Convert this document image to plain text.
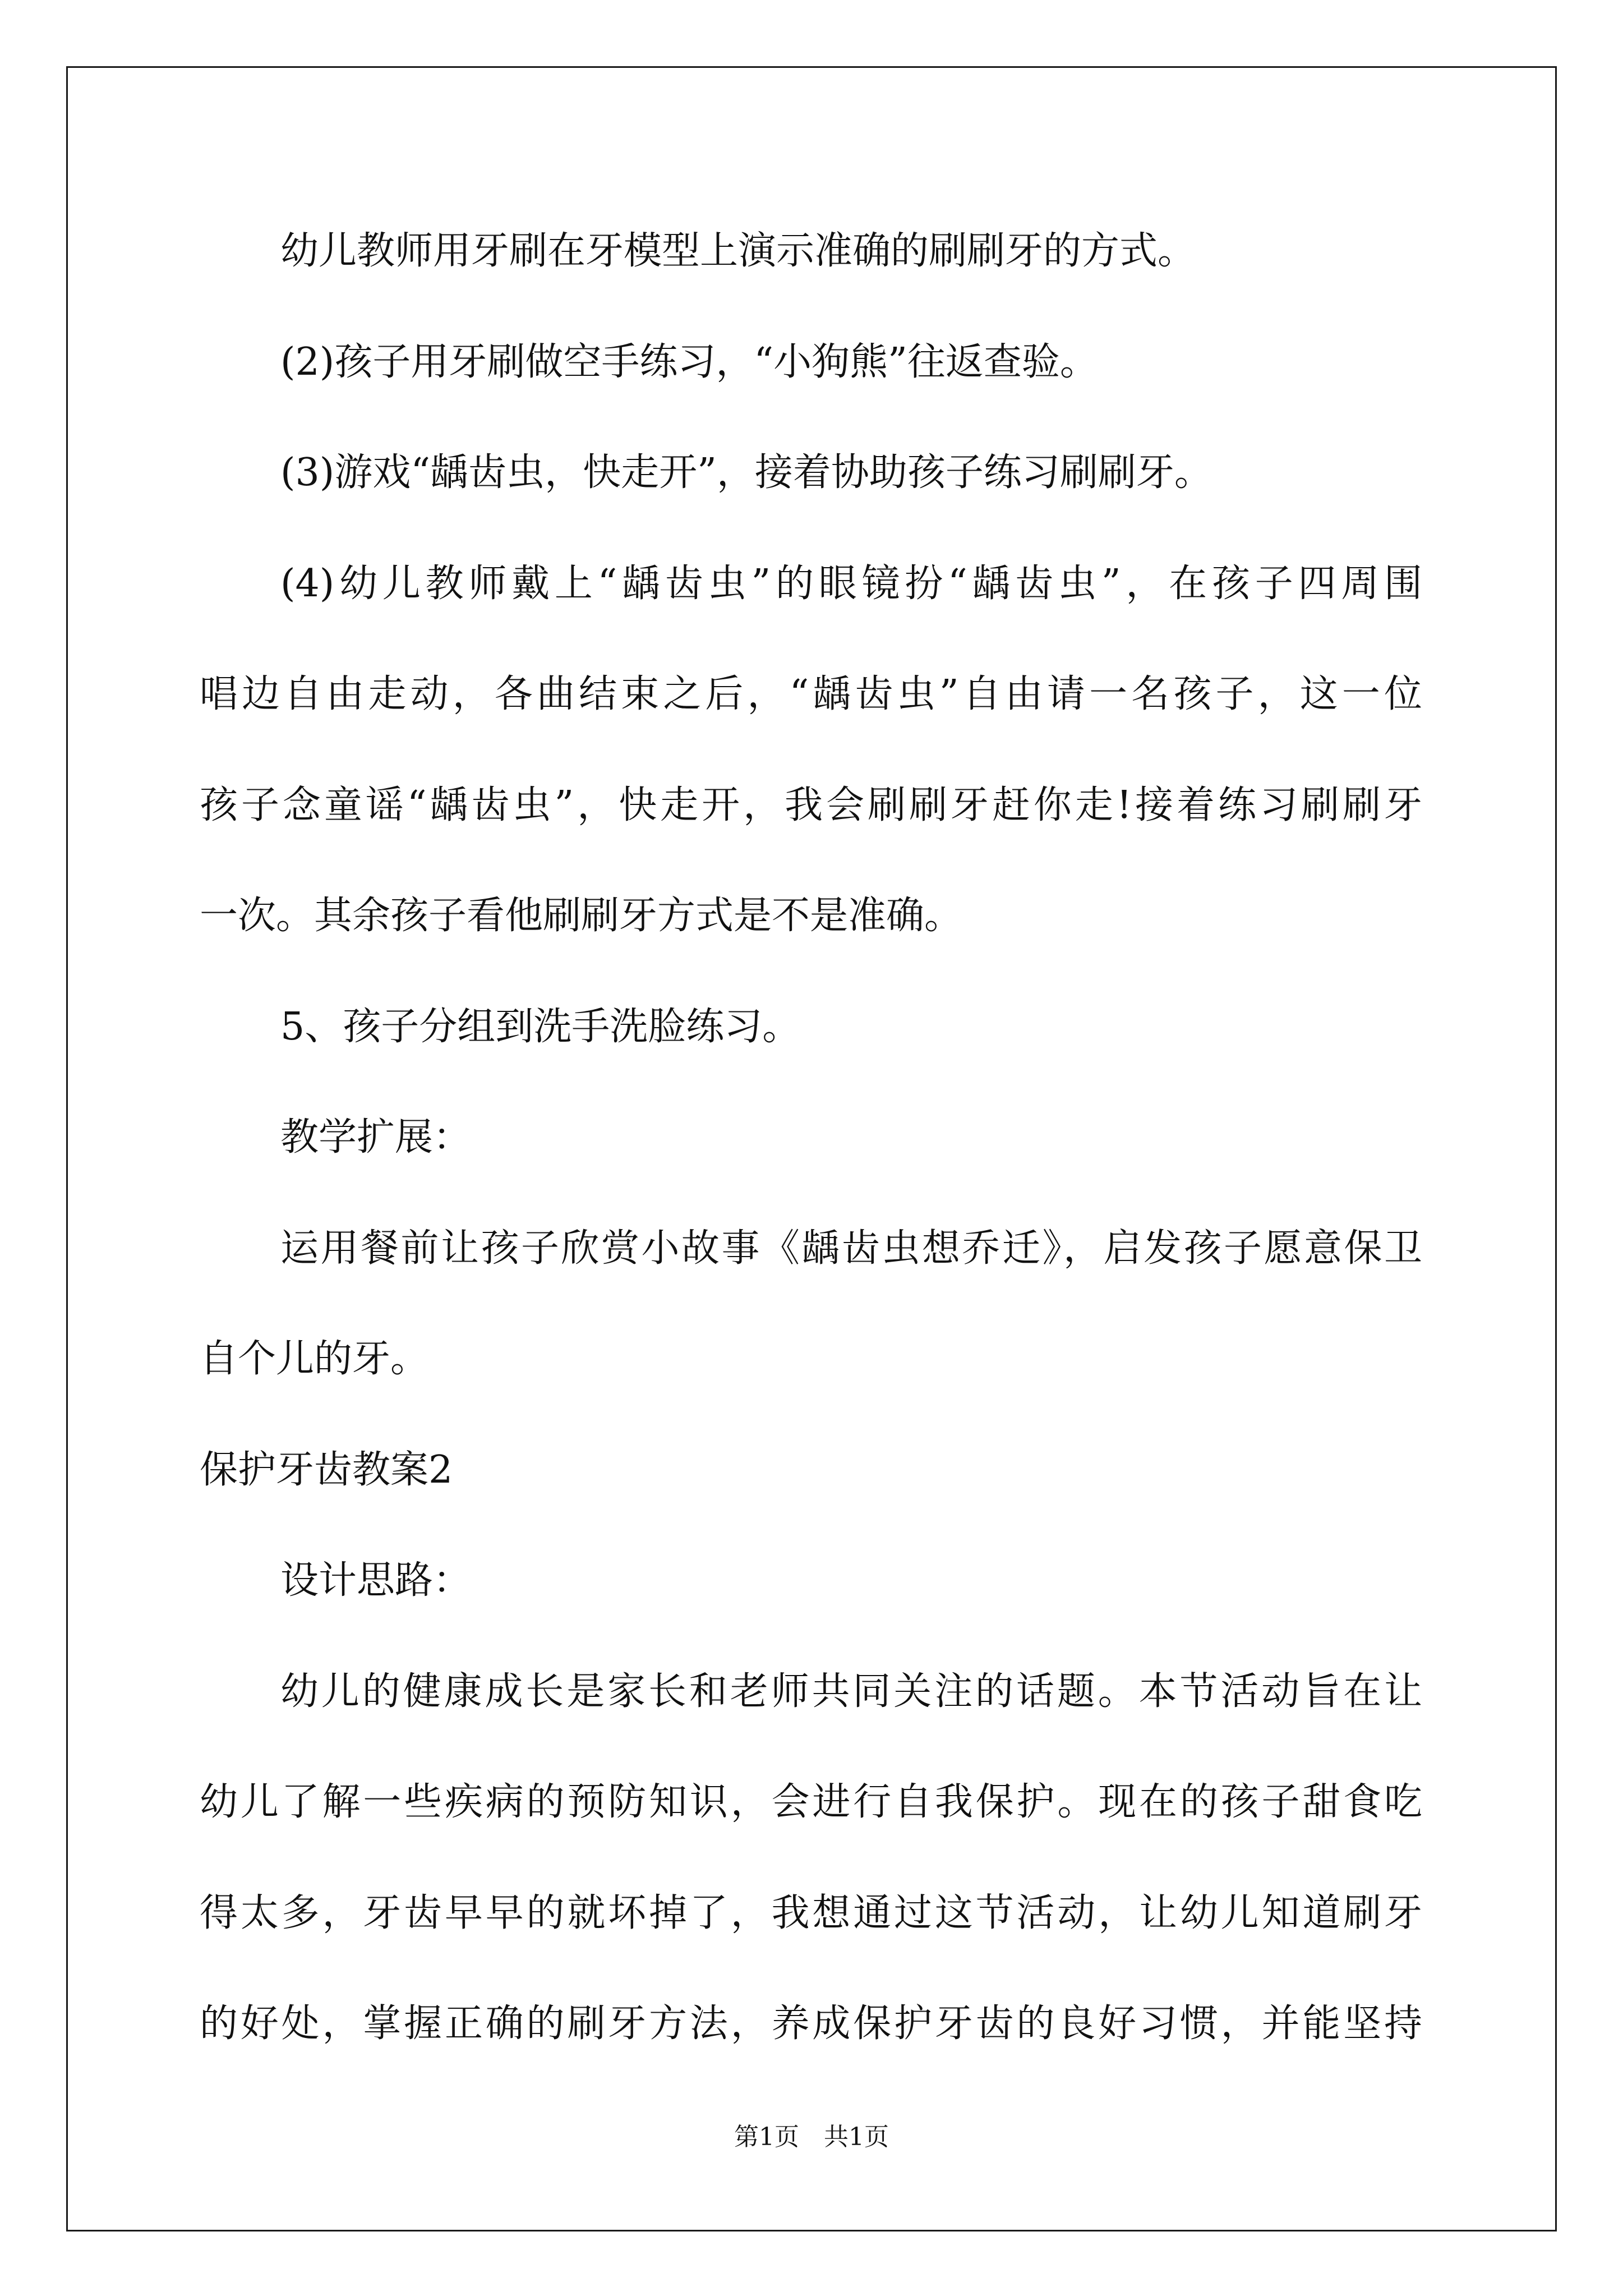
幼儿教师用牙刷在牙模型上演示准确的刷刷牙的方式。
(2)孩子用牙刷做空手练习，“小狗熊”往返查验。
(3)游戏“龋齿虫，快走开”，接着协助孩子练习刷刷牙。
(4)幼儿教师戴上“龋齿虫”的眼镜扮“龋齿虫”，在孩子四周围
唱边自由走动，各曲结束之后，“龋齿虫”自由请一名孩子，这一位
孩子念童谣“龋齿虫”，快走开，我会刷刷牙赶你走!接着练习刷刷牙
一次。其余孩子看他刷刷牙方式是不是准确。
5、孩子分组到洗手洗脸练习。
教学扩展：
运用餐前让孩子欣赏小故事《龋齿虫想乔迁》，启发孩子愿意保卫
自个儿的牙。
保护牙齿教案2
设计思路：
幼儿的健康成长是家长和老师共同关注的话题。本节活动旨在让
幼儿了解一些疾病的预防知识，会进行自我保护。现在的孩子甜食吃
得太多，牙齿早早的就坏掉了，我想通过这节活动，让幼儿知道刷牙
的好处，掌握正确的刷牙方法，养成保护牙齿的良好习惯，并能坚持
第1页　共1页
